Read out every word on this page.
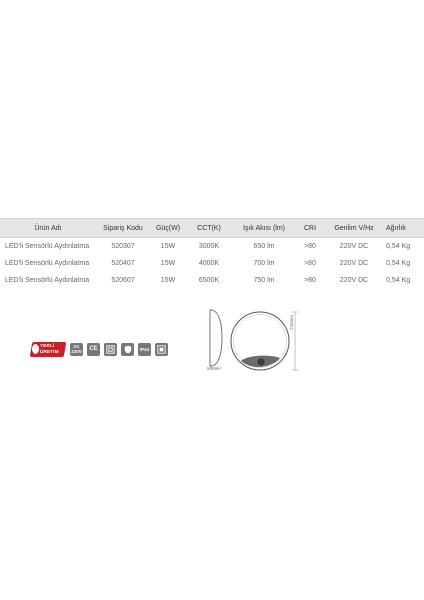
Ürün Adı	Sipariş Kodu	Güç(W)	CCT(K)	Işık Akısı (lm)	CRI	Gerilim V/Hz	Ağırlık
LED'li Sensörlü Aydınlatma	520307	15W	3000K	650 lm	>80	220V DC	0,54 Kg
LED'li Sensörlü Aydınlatma	520407	15W	4000K	700 lm	>80	220V DC	0,54 Kg
LED'li Sensörlü Aydınlatma	520607	15W	6500K	750 lm	>80	220V DC	0,54 Kg
YERLİ
ÜRETİM
AC
220V CE	IP44
230mm
50mm
